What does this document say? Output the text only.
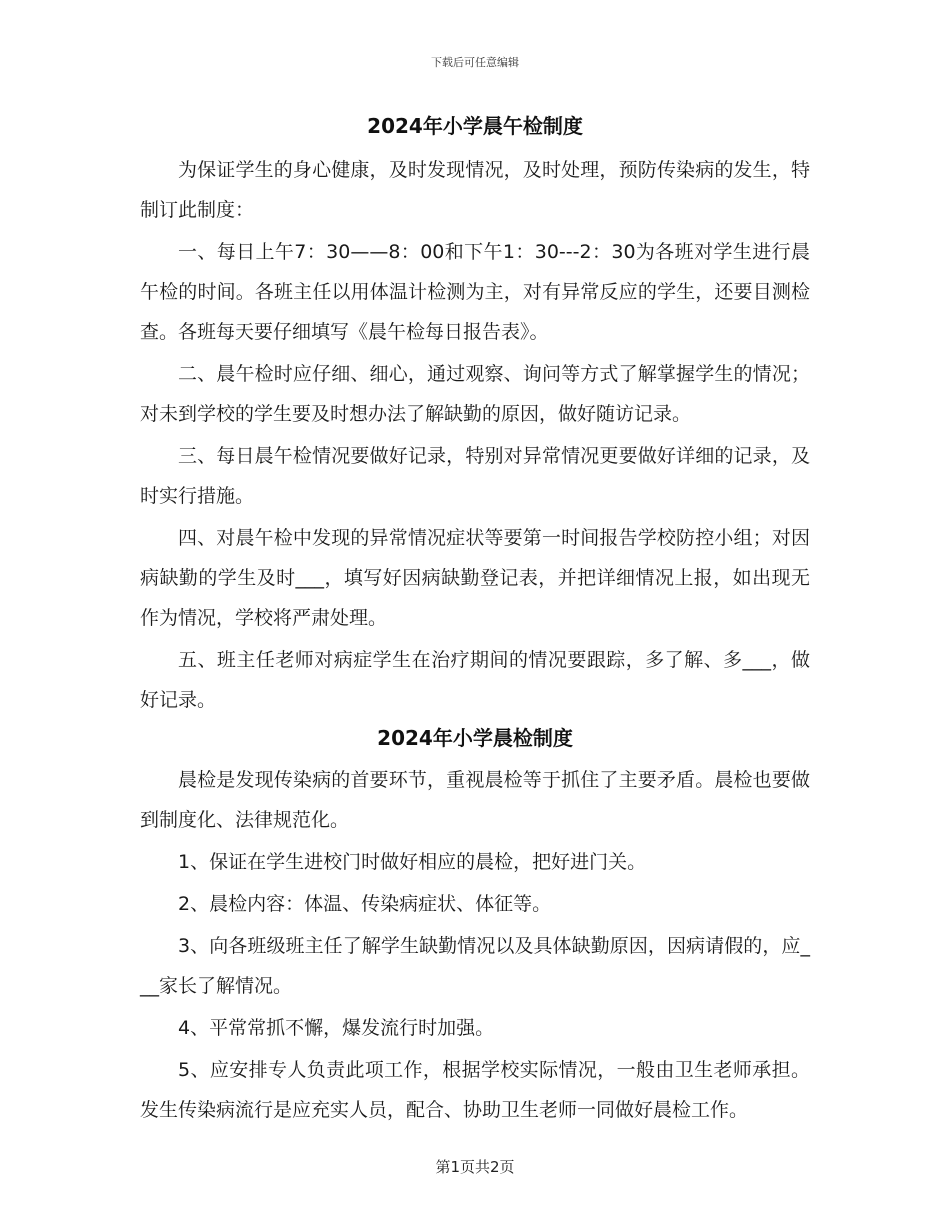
下载后可任意编辑
2024年小学晨午检制度

为保证学生的身心健康，及时发现情况，及时处理，预防传染病的发生，特制订此制度：

一、每日上午7：30——8：00和下午1：30---2：30为各班对学生进行晨午检的时间。各班主任以用体温计检测为主，对有异常反应的学生，还要目测检查。各班每天要仔细填写《晨午检每日报告表》。

二、晨午检时应仔细、细心，通过观察、询问等方式了解掌握学生的情况；对未到学校的学生要及时想办法了解缺勤的原因，做好随访记录。

三、每日晨午检情况要做好记录，特别对异常情况更要做好详细的记录，及时实行措施。

四、对晨午检中发现的异常情况症状等要第一时间报告学校防控小组；对因病缺勤的学生及时___，填写好因病缺勤登记表，并把详细情况上报，如出现无作为情况，学校将严肃处理。

五、班主任老师对病症学生在治疗期间的情况要跟踪，多了解、多___，做好记录。

2024年小学晨检制度

晨检是发现传染病的首要环节，重视晨检等于抓住了主要矛盾。晨检也要做到制度化、法律规范化。

1、保证在学生进校门时做好相应的晨检，把好进门关。

2、晨检内容：体温、传染病症状、体征等。

3、向各班级班主任了解学生缺勤情况以及具体缺勤原因，因病请假的，应___家长了解情况。

4、平常常抓不懈，爆发流行时加强。

5、应安排专人负责此项工作，根据学校实际情况，一般由卫生老师承担。发生传染病流行是应充实人员，配合、协助卫生老师一同做好晨检工作。

第1页共2页
